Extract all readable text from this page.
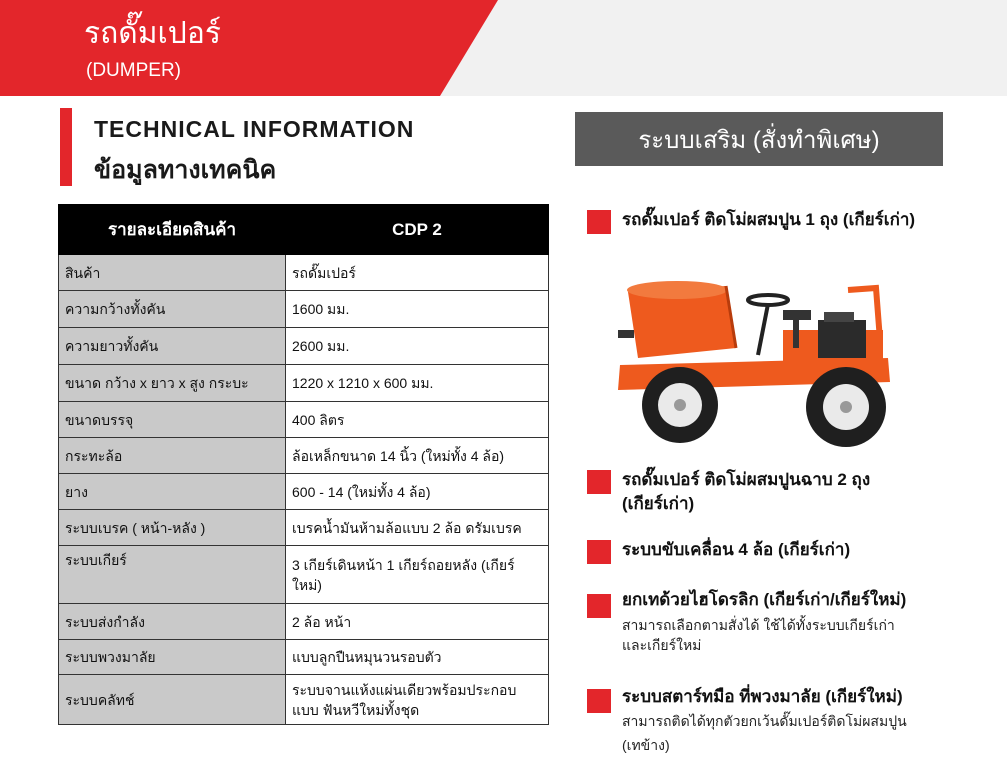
รถดั๊มเปอร์
(DUMPER)
TECHNICAL INFORMATION
ข้อมูลทางเทคนิค
รายละเอียดสินค้า	CDP 2
สินค้า	รถดั๊มเปอร์
ความกว้างทั้งคัน	1600 มม.
ความยาวทั้งคัน	2600 มม.
ขนาด กว้าง x ยาว x สูง กระบะ	1220 x 1210 x 600 มม.
ขนาดบรรจุ	400 ลิตร
กระทะล้อ	ล้อเหล็กขนาด 14 นิ้ว (ใหม่ทั้ง 4 ล้อ)
ยาง	600 - 14 (ใหม่ทั้ง 4 ล้อ)
ระบบเบรค ( หน้า-หลัง )	เบรคน้ำมันห้ามล้อแบบ 2 ล้อ ดรัมเบรค
ระบบเกียร์	3 เกียร์เดินหน้า 1 เกียร์ถอยหลัง (เกียร์ใหม่)
ระบบส่งกำลัง	2 ล้อ หน้า
ระบบพวงมาลัย	แบบลูกปืนหมุนวนรอบตัว
ระบบคลัทช์	ระบบจานแห้งแผ่นเดียวพร้อมประกอบแบบ ฟันหวีใหม่ทั้งชุด
ระบบเสริม (สั่งทำพิเศษ)
รถดั๊มเปอร์ ติดโม่ผสมปูน 1 ถุง (เกียร์เก่า)
รถดั๊มเปอร์ ติดโม่ผสมปูนฉาบ 2 ถุง
(เกียร์เก่า)
ระบบขับเคลื่อน 4 ล้อ (เกียร์เก่า)
ยกเทด้วยไฮโดรลิก (เกียร์เก่า/เกียร์ใหม่)
สามารถเลือกตามสั่งได้ ใช้ได้ทั้งระบบเกียร์เก่า
และเกียร์ใหม่
ระบบสตาร์ทมือ ที่พวงมาลัย (เกียร์ใหม่)
สามารถติดได้ทุกตัวยกเว้นดั๊มเปอร์ติดโม่ผสมปูน
(เทข้าง)
